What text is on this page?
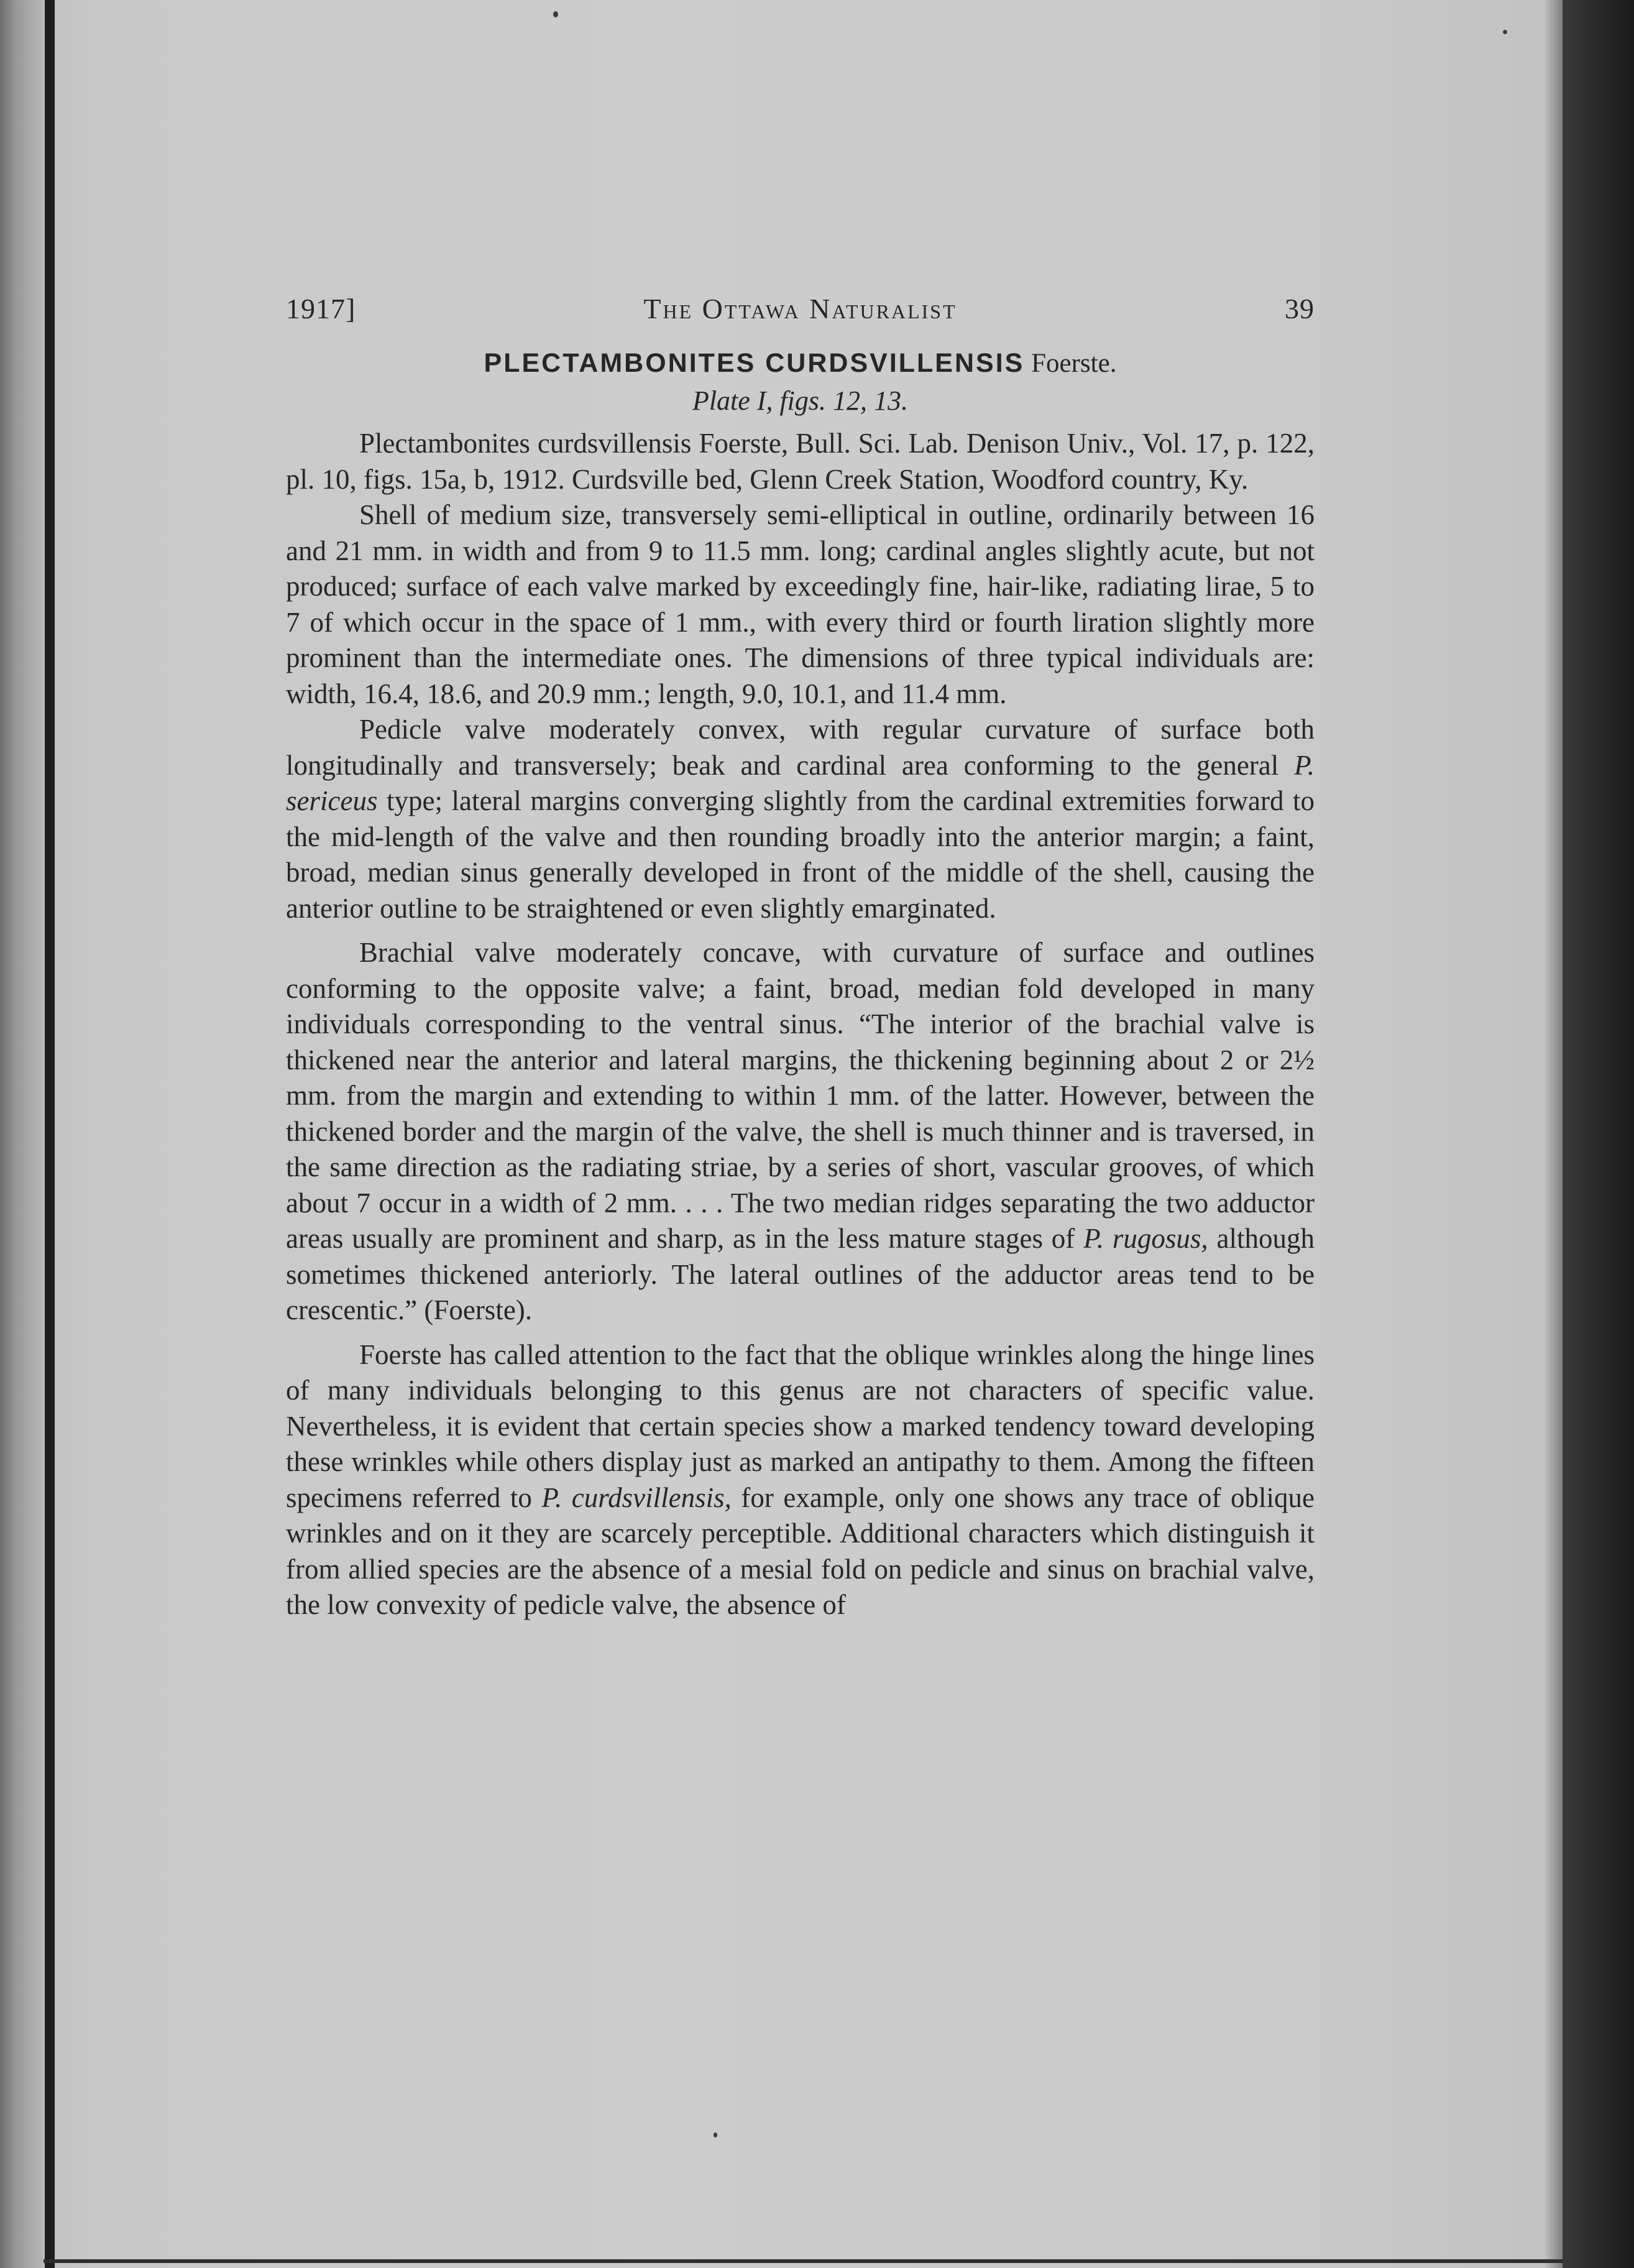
1917]	The Ottawa Naturalist	39
PLECTAMBONITES CURDSVILLENSIS Foerste.
Plate I, figs. 12, 13.

Plectambonites curdsvillensis Foerste, Bull. Sci. Lab. Denison Univ., Vol. 17, p. 122, pl. 10, figs. 15a, b, 1912. Curdsville bed, Glenn Creek Station, Woodford country, Ky.

Shell of medium size, transversely semi-elliptical in outline, ordinarily between 16 and 21 mm. in width and from 9 to 11.5 mm. long; cardinal angles slightly acute, but not produced; surface of each valve marked by exceedingly fine, hair-like, radiating lirae, 5 to 7 of which occur in the space of 1 mm., with every third or fourth liration slightly more prominent than the intermediate ones. The dimensions of three typical individuals are: width, 16.4, 18.6, and 20.9 mm.; length, 9.0, 10.1, and 11.4 mm.

Pedicle valve moderately convex, with regular curvature of surface both longitudinally and transversely; beak and cardinal area conforming to the general P. sericeus type; lateral margins converging slightly from the cardinal extremities forward to the mid-length of the valve and then rounding broadly into the anterior margin; a faint, broad, median sinus generally developed in front of the middle of the shell, causing the anterior outline to be straightened or even slightly emarginated.

Brachial valve moderately concave, with curvature of surface and outlines conforming to the opposite valve; a faint, broad, median fold developed in many individuals corresponding to the ventral sinus. “The interior of the brachial valve is thickened near the anterior and lateral margins, the thickening beginning about 2 or 2½ mm. from the margin and extending to within 1 mm. of the latter. However, between the thickened border and the margin of the valve, the shell is much thinner and is traversed, in the same direction as the radiating striae, by a series of short, vascular grooves, of which about 7 occur in a width of 2 mm. . . . The two median ridges separating the two adductor areas usually are prominent and sharp, as in the less mature stages of P. rugosus, although sometimes thickened anteriorly. The lateral outlines of the adductor areas tend to be crescentic.” (Foerste).

Foerste has called attention to the fact that the oblique wrinkles along the hinge lines of many individuals belonging to this genus are not characters of specific value. Nevertheless, it is evident that certain species show a marked tendency toward developing these wrinkles while others display just as marked an antipathy to them. Among the fifteen specimens referred to P. curdsvillensis, for example, only one shows any trace of oblique wrinkles and on it they are scarcely perceptible. Additional characters which distinguish it from allied species are the absence of a mesial fold on pedicle and sinus on brachial valve, the low convexity of pedicle valve, the absence of
